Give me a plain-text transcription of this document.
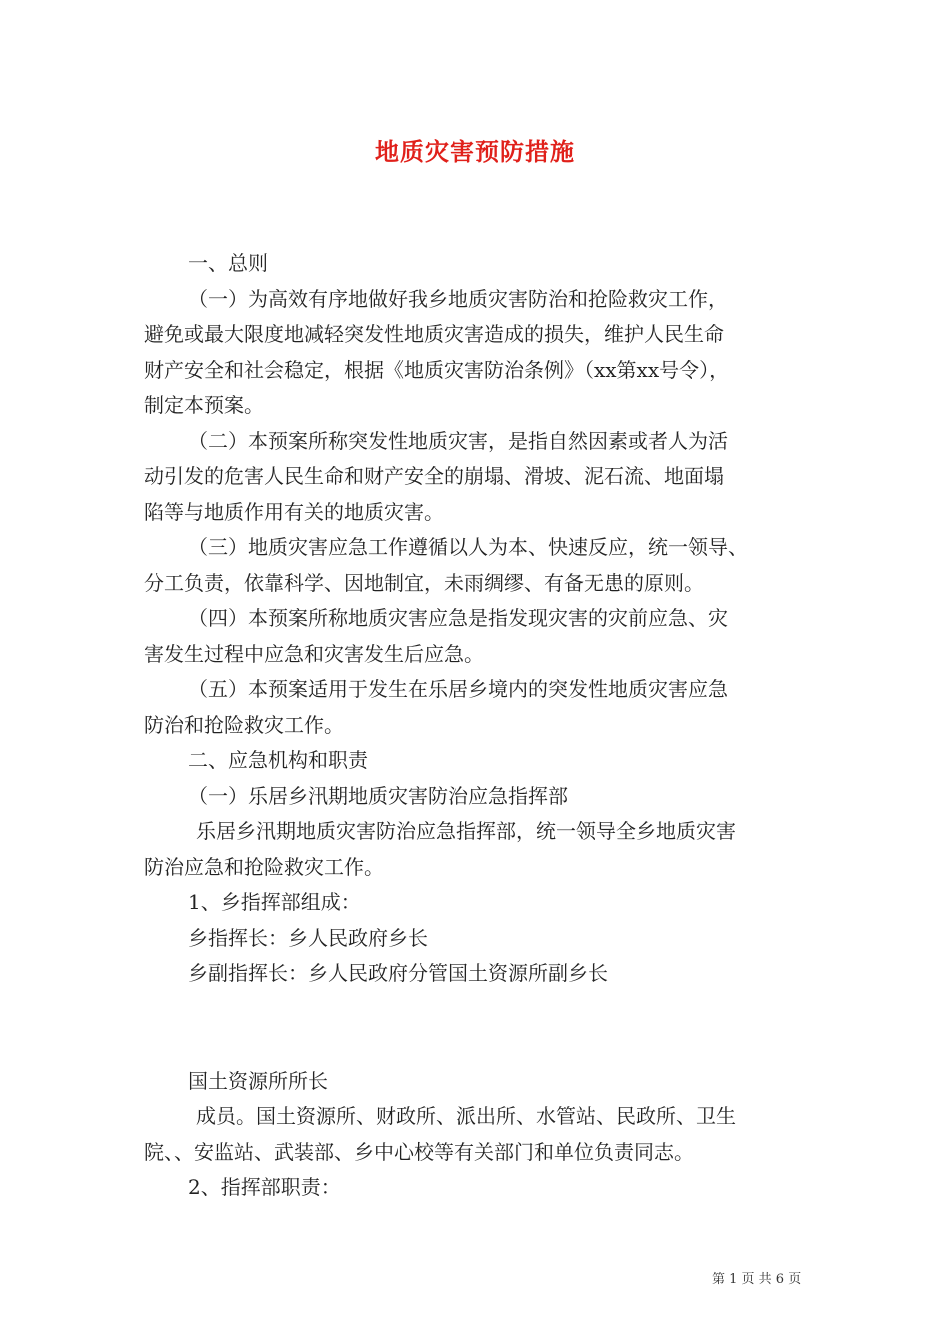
地质灾害预防措施

一、总则

（一）为高效有序地做好我乡地质灾害防治和抢险救灾工作，

避免或最大限度地减轻突发性地质灾害造成的损失，维护人民生命

财产安全和社会稳定，根据《地质灾害防治条例》（xx第xx号令），

制定本预案。

（二）本预案所称突发性地质灾害，是指自然因素或者人为活

动引发的危害人民生命和财产安全的崩塌、滑坡、泥石流、地面塌

陷等与地质作用有关的地质灾害。

（三）地质灾害应急工作遵循以人为本、快速反应，统一领导、

分工负责，依靠科学、因地制宜，未雨绸缪、有备无患的原则。

（四）本预案所称地质灾害应急是指发现灾害的灾前应急、灾

害发生过程中应急和灾害发生后应急。

（五）本预案适用于发生在乐居乡境内的突发性地质灾害应急

防治和抢险救灾工作。

二、应急机构和职责

（一）乐居乡汛期地质灾害防治应急指挥部

乐居乡汛期地质灾害防治应急指挥部，统一领导全乡地质灾害

防治应急和抢险救灾工作。

1、乡指挥部组成：

乡指挥长：乡人民政府乡长

乡副指挥长：乡人民政府分管国土资源所副乡长

国土资源所所长

成员。国土资源所、财政所、派出所、水管站、民政所、卫生

院、、安监站、武装部、乡中心校等有关部门和单位负责同志。

2、指挥部职责：

第 1 页 共 6 页
